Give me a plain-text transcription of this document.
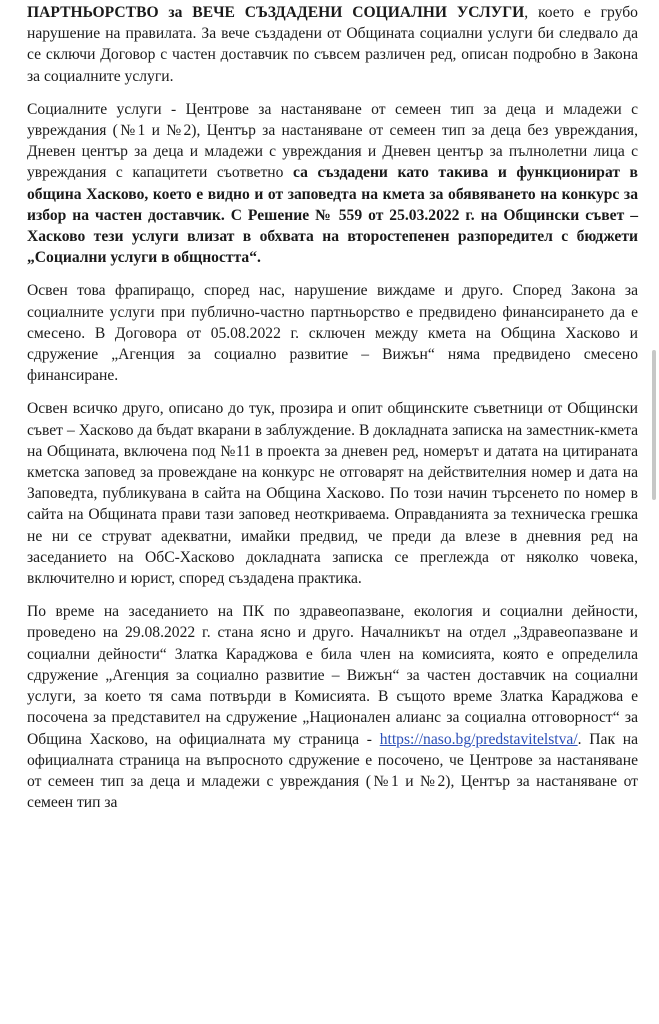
ПАРТНЬОРСТВО за ВЕЧЕ СЪЗДАДЕНИ СОЦИАЛНИ УСЛУГИ, което е грубо нарушение на правилата. За вече създадени от Общината социални услуги би следвало да се сключи Договор с частен доставчик по съвсем различен ред, описан подробно в Закона за социалните услуги.

Социалните услуги - Центрове за настаняване от семеен тип за деца и младежи с увреждания (№1 и №2), Център за настаняване от семеен тип за деца без увреждания, Дневен център за деца и младежи с увреждания и Дневен център за пълнолетни лица с увреждания с капацитети съответно са създадени като такива и функционират в община Хасково, което е видно и от заповедта на кмета за обявяването на конкурс за избор на частен доставчик. С Решение № 559 от 25.03.2022 г. на Общински съвет – Хасково тези услуги влизат в обхвата на второстепенен разпоредител с бюджети „Социални услуги в общността“.

Освен това фрапиращо, според нас, нарушение виждаме и друго. Според Закона за социалните услуги при публично-частно партньорство е предвидено финансирането да е смесено. В Договора от 05.08.2022 г. сключен между кмета на Община Хасково и сдружение „Агенция за социално развитие – Вижън“ няма предвидено смесено финансиране.

Освен всичко друго, описано до тук, прозира и опит общинските съветници от Общински съвет – Хасково да бъдат вкарани в заблуждение. В докладната записка на заместник-кмета на Общината, включена под №11 в проекта за дневен ред, номерът и датата на цитираната кметска заповед за провеждане на конкурс не отговарят на действителния номер и дата на Заповедта, публикувана в сайта на Община Хасково. По този начин търсенето по номер в сайта на Общината прави тази заповед неоткриваема. Оправданията за техническа грешка не ни се струват адекватни, имайки предвид, че преди да влезе в дневния ред на заседанието на ОбС-Хасково докладната записка се преглежда от няколко човека, включително и юрист, според създадена практика.

По време на заседанието на ПК по здравеопазване, екология и социални дейности, проведено на 29.08.2022 г. стана ясно и друго. Началникът на отдел „Здравеопазване и социални дейности“ Златка Караджова е била член на комисията, която е определила сдружение „Агенция за социално развитие – Вижън“ за частен доставчик на социални услуги, за което тя сама потвърди в Комисията. В същото време Златка Караджова е посочена за представител на сдружение „Национален алианс за социална отговорност“ за Община Хасково, на официалната му страница - https://naso.bg/predstavitelstva/. Пак на официалната страница на въпросното сдружение е посочено, че Центрове за настаняване от семеен тип за деца и младежи с увреждания (№1 и №2), Център за настаняване от семеен тип за
